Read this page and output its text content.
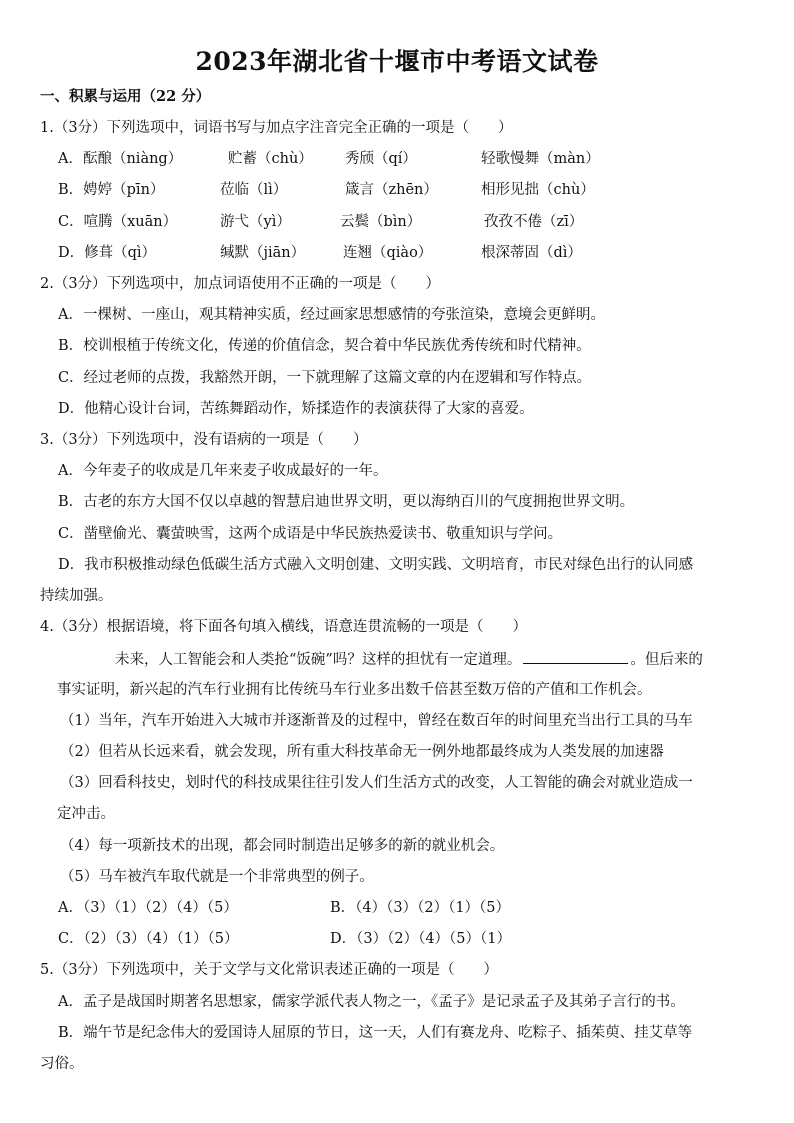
2023年湖北省十堰市中考语文试卷
一、积累与运用（22 分）
1.（3分）下列选项中，词语书写与加点字注音完全正确的一项是（　　）
A．酝酿（niàng）	贮蓄（chù） 秀颀（qí）	轻歌慢舞（màn）
B．娉婷（pīn）	莅临（lì）	箴言（zhēn）	相形见拙（chù）
C．喧腾（xuān）	游弋（yì）	云鬓（bìn）	孜孜不倦（zī）
D．修葺（qì）	缄默（jiān）	连翘（qiào）	根深蒂固（dì）
2.（3分）下列选项中，加点词语使用不正确的一项是（　　）
A．一棵树、一座山，观其精神实质，经过画家思想感情的夸张渲染，意境会更鲜明。
B．校训根植于传统文化，传递的价值信念，契合着中华民族优秀传统和时代精神。
C．经过老师的点拨，我豁然开朗，一下就理解了这篇文章的内在逻辑和写作特点。
D．他精心设计台词，苦练舞蹈动作，矫揉造作的表演获得了大家的喜爱。
3.（3分）下列选项中，没有语病的一项是（　　）
A．今年麦子的收成是几年来麦子收成最好的一年。
B．古老的东方大国不仅以卓越的智慧启迪世界文明，更以海纳百川的气度拥抱世界文明。
C．凿壁偷光、囊萤映雪，这两个成语是中华民族热爱读书、敬重知识与学问。
D．我市积极推动绿色低碳生活方式融入文明创建、文明实践、文明培育，市民对绿色出行的认同感
持续加强。
4.（3分）根据语境，将下面各句填入横线，语意连贯流畅的一项是（　　）
未来，人工智能会和人类抢“饭碗”吗？这样的担忧有一定道理。	。但后来的
事实证明，新兴起的汽车行业拥有比传统马车行业多出数千倍甚至数万倍的产值和工作机会。
（1）当年，汽车开始进入大城市并逐渐普及的过程中，曾经在数百年的时间里充当出行工具的马车
（2）但若从长远来看，就会发现，所有重大科技革命无一例外地都最终成为人类发展的加速器
（3）回看科技史，划时代的科技成果往往引发人们生活方式的改变，人工智能的确会对就业造成一
定冲击。
（4）每一项新技术的出现，都会同时制造出足够多的新的就业机会。
（5）马车被汽车取代就是一个非常典型的例子。
A．（3）（1）（2）（4）（5）	B．（4）（3）（2）（1）（5）
C．（2）（3）（4）（1）（5）	D．（3）（2）（4）（5）（1）
5.（3分）下列选项中，关于文学与文化常识表述正确的一项是（　　）
A．孟子是战国时期著名思想家，儒家学派代表人物之一，《孟子》是记录孟子及其弟子言行的书。
B．端午节是纪念伟大的爱国诗人屈原的节日，这一天，人们有赛龙舟、吃粽子、插茱萸、挂艾草等
习俗。
